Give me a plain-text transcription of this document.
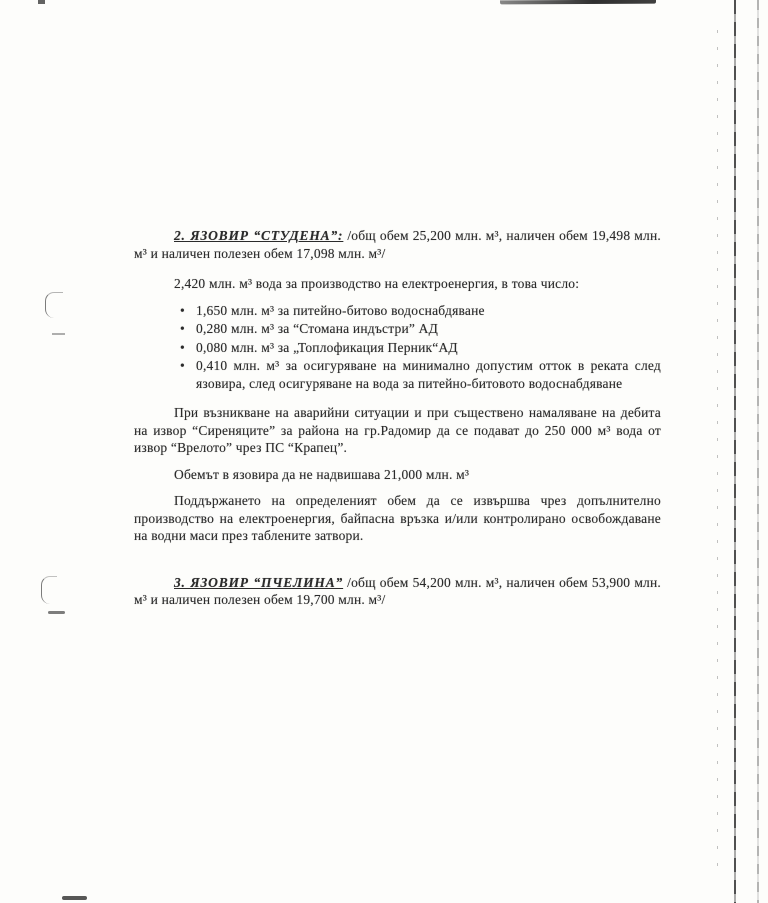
2. ЯЗОВИР “СТУДЕНА”: /общ обем 25,200 млн. м³, наличен обем 19,498 млн. м³ и наличен полезен обем 17,098 млн. м³/

2,420 млн. м³ вода за производство на електроенергия, в това число:

• 1,650 млн. м³ за питейно-битово водоснабдяване
• 0,280 млн. м³ за “Стомана индъстри” АД
• 0,080 млн. м³ за „Топлофикация Перник“АД
• 0,410 млн. м³ за осигуряване на минимално допустим отток в реката след язовира, след осигуряване на вода за питейно-битовото водоснабдяване

При възникване на аварийни ситуации и при съществено намаляване на дебита на извор “Сиреняците” за района на гр.Радомир да се подават до 250 000 м³ вода от извор “Врелото” чрез ПС “Крапец”.

Обемът в язовира да не надвишава 21,000 млн. м³

Поддържането на определеният обем да се извършва чрез допълнително производство на електроенергия, байпасна връзка и/или контролирано освобождаване на водни маси през таблените затвори.

3. ЯЗОВИР “ПЧЕЛИНА” /общ обем 54,200 млн. м³, наличен обем 53,900 млн. м³ и наличен полезен обем 19,700 млн. м³/
